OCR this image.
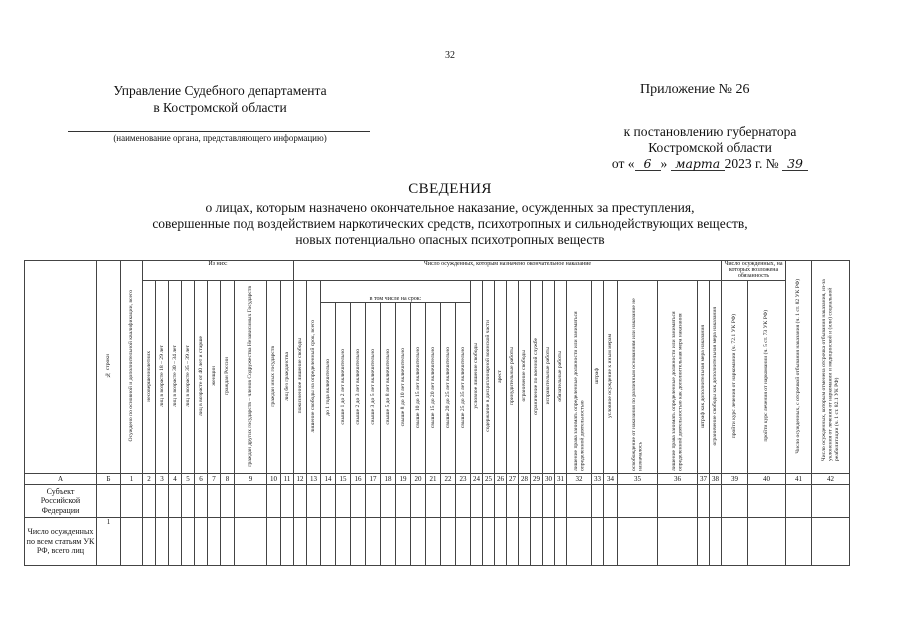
32
Управление Судебного департамента
в Костромской области
(наименование органа, представляющего информацию)
Приложение № 26
к постановлению губернатора
Костромской области
от « 6 » марта 2023 г. № 39
СВЕДЕНИЯ
о лицах, которым назначено окончательное наказание, осужденных за преступления,
совершенные под воздействием наркотических средств, психотропных и сильнодействующих веществ,
новых потенциально опасных психотропных веществ
	№ строки	Осуждено по основной и дополнительной квалификации, всего	Из них:										Число осужденных, которым назначено окончательное наказание																											Число осужденных, на которых возложена обязанность		Число осужденных, с отсрочкой отбывания наказания (ч. 1 ст. 82 УК РФ)	Число осужденных, которым отменена отсрочка отбывания наказания, из-за уклонения от лечения от наркомании и медицинской и (или) социальной реабилитации (ч. 1 ст. 82.1 УК РФ)
			несовершеннолетних	лиц в возрасте 18 – 29 лет	лиц в возрасте 30 – 34 лет	лиц в возрасте 35 – 39 лет	лиц в возрасте от 40 лет и старше	женщин	граждан России	граждан других государств – членов Содружества Независимых Государств	граждан иных государств	лиц без гражданства	пожизненное лишение свободы	лишение свободы на определенный срок, всего	в том числе на срок:										условное лишение свободы	содержание в дисциплинарной воинской части	арест	принудительные работы	ограничение свободы	ограничение по военной службе	исправительные работы	обязательные работы	лишение права занимать определенные должности или заниматься определенной деятельностью	штраф	условное осуждение к иным мерам	освобождение от наказания по различным основаниям или наказание не назначалось	лишение права занимать определенные должности или заниматься определенной деятельностью как дополнительная мера наказания	штраф как дополнительная мера наказания	ограничение свободы как дополнительная мера наказания	пройти курс лечения от наркомании (ч. 72.1 УК РФ)	пройти курс лечения от наркомании (ч. 5 ст. 73 УК РФ)		
															до 1 года включительно	свыше 1 до 2 лет включительно	свыше 2 до 3 лет включительно	свыше 3 до 5 лет включительно	свыше 5 до 8 лет включительно	свыше 8 до 10 лет включительно	свыше 10 до 15 лет включительно	свыше 15 до 20 лет включительно	свыше 20 до 25 лет включительно	свыше 25 до 35 лет включительно																			
А	Б	1	2	3	4	5	6	7	8	9	10	11	12	13	14	15	16	17	18	19	20	21	22	23	24	25	26	27	28	29	30	31	32	33	34	35	36	37	38	39	40	41	42
Субъект Российской Федерации																																											
Число осужденных по всем статьям УК РФ, всего лиц	1																																										
